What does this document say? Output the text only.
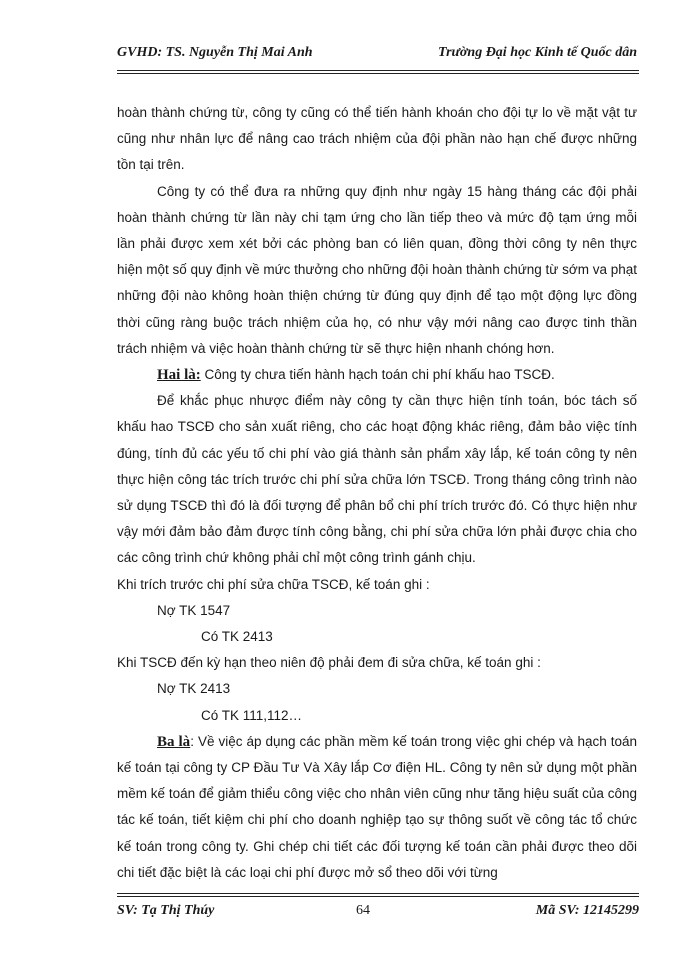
GVHD: TS. Nguyễn Thị Mai Anh	Trường Đại học Kinh tế Quốc dân

hoàn thành chứng từ, công ty cũng có thể tiến hành khoán cho đội tự lo về mặt vật tư cũng như nhân lực để nâng cao trách nhiệm của đội phần nào hạn chế được những tồn tại trên.

Công ty có thể đưa ra những quy định như ngày 15 hàng tháng các đội phải hoàn thành chứng từ lần này chi tạm ứng cho lần tiếp theo và mức độ tạm ứng mỗi lần phải được xem xét bởi các phòng ban có liên quan, đồng thời công ty nên thực hiện một số quy định về mức thưởng cho những đội hoàn thành chứng từ sớm va phạt những đội nào không hoàn thiện chứng từ đúng quy định để tạo một động lực đồng thời cũng ràng buộc trách nhiệm của họ, có như vậy mới nâng cao được tinh thần trách nhiệm và việc hoàn thành chứng từ sẽ thực hiện nhanh chóng hơn.

Hai là: Công ty chưa tiến hành hạch toán chi phí khấu hao TSCĐ.

Để khắc phục nhược điểm này công ty cần thực hiện tính toán, bóc tách số khấu hao TSCĐ cho sản xuất riêng, cho các hoạt động khác riêng, đảm bảo việc tính đúng, tính đủ các yếu tố chi phí vào giá thành sản phẩm xây lắp, kế toán công ty nên thực hiện công tác trích trước chi phí sửa chữa lớn TSCĐ. Trong tháng công trình nào sử dụng TSCĐ thì đó là đối tượng để phân bổ chi phí trích trước đó. Có thực hiện như vậy mới đảm bảo đảm được tính công bằng, chi phí sửa chữa lớn phải được chia cho các công trình chứ không phải chỉ một công trình gánh chịu.

Khi trích trước chi phí sửa chữa TSCĐ, kế toán ghi :

Nợ TK 1547

Có TK 2413

Khi TSCĐ đến kỳ hạn theo niên độ phải đem đi sửa chữa, kế toán ghi :

Nợ TK 2413

Có TK 111,112…

Ba là: Về việc áp dụng các phần mềm kế toán trong việc ghi chép và hạch toán kế toán tại công ty CP Đầu Tư Và Xây lắp Cơ điện HL. Công ty nên sử dụng một phần mềm kế toán để giảm thiểu công việc cho nhân viên cũng như tăng hiệu suất của công tác kế toán, tiết kiệm chi phí cho doanh nghiệp tạo sự thông suốt về công tác tổ chức kế toán trong công ty. Ghi chép chi tiết các đối tượng kế toán cần phải được theo dõi chi tiết đặc biệt là các loại chi phí được mở sổ theo dõi với từng

SV: Tạ Thị Thúy	64	Mã SV: 12145299
